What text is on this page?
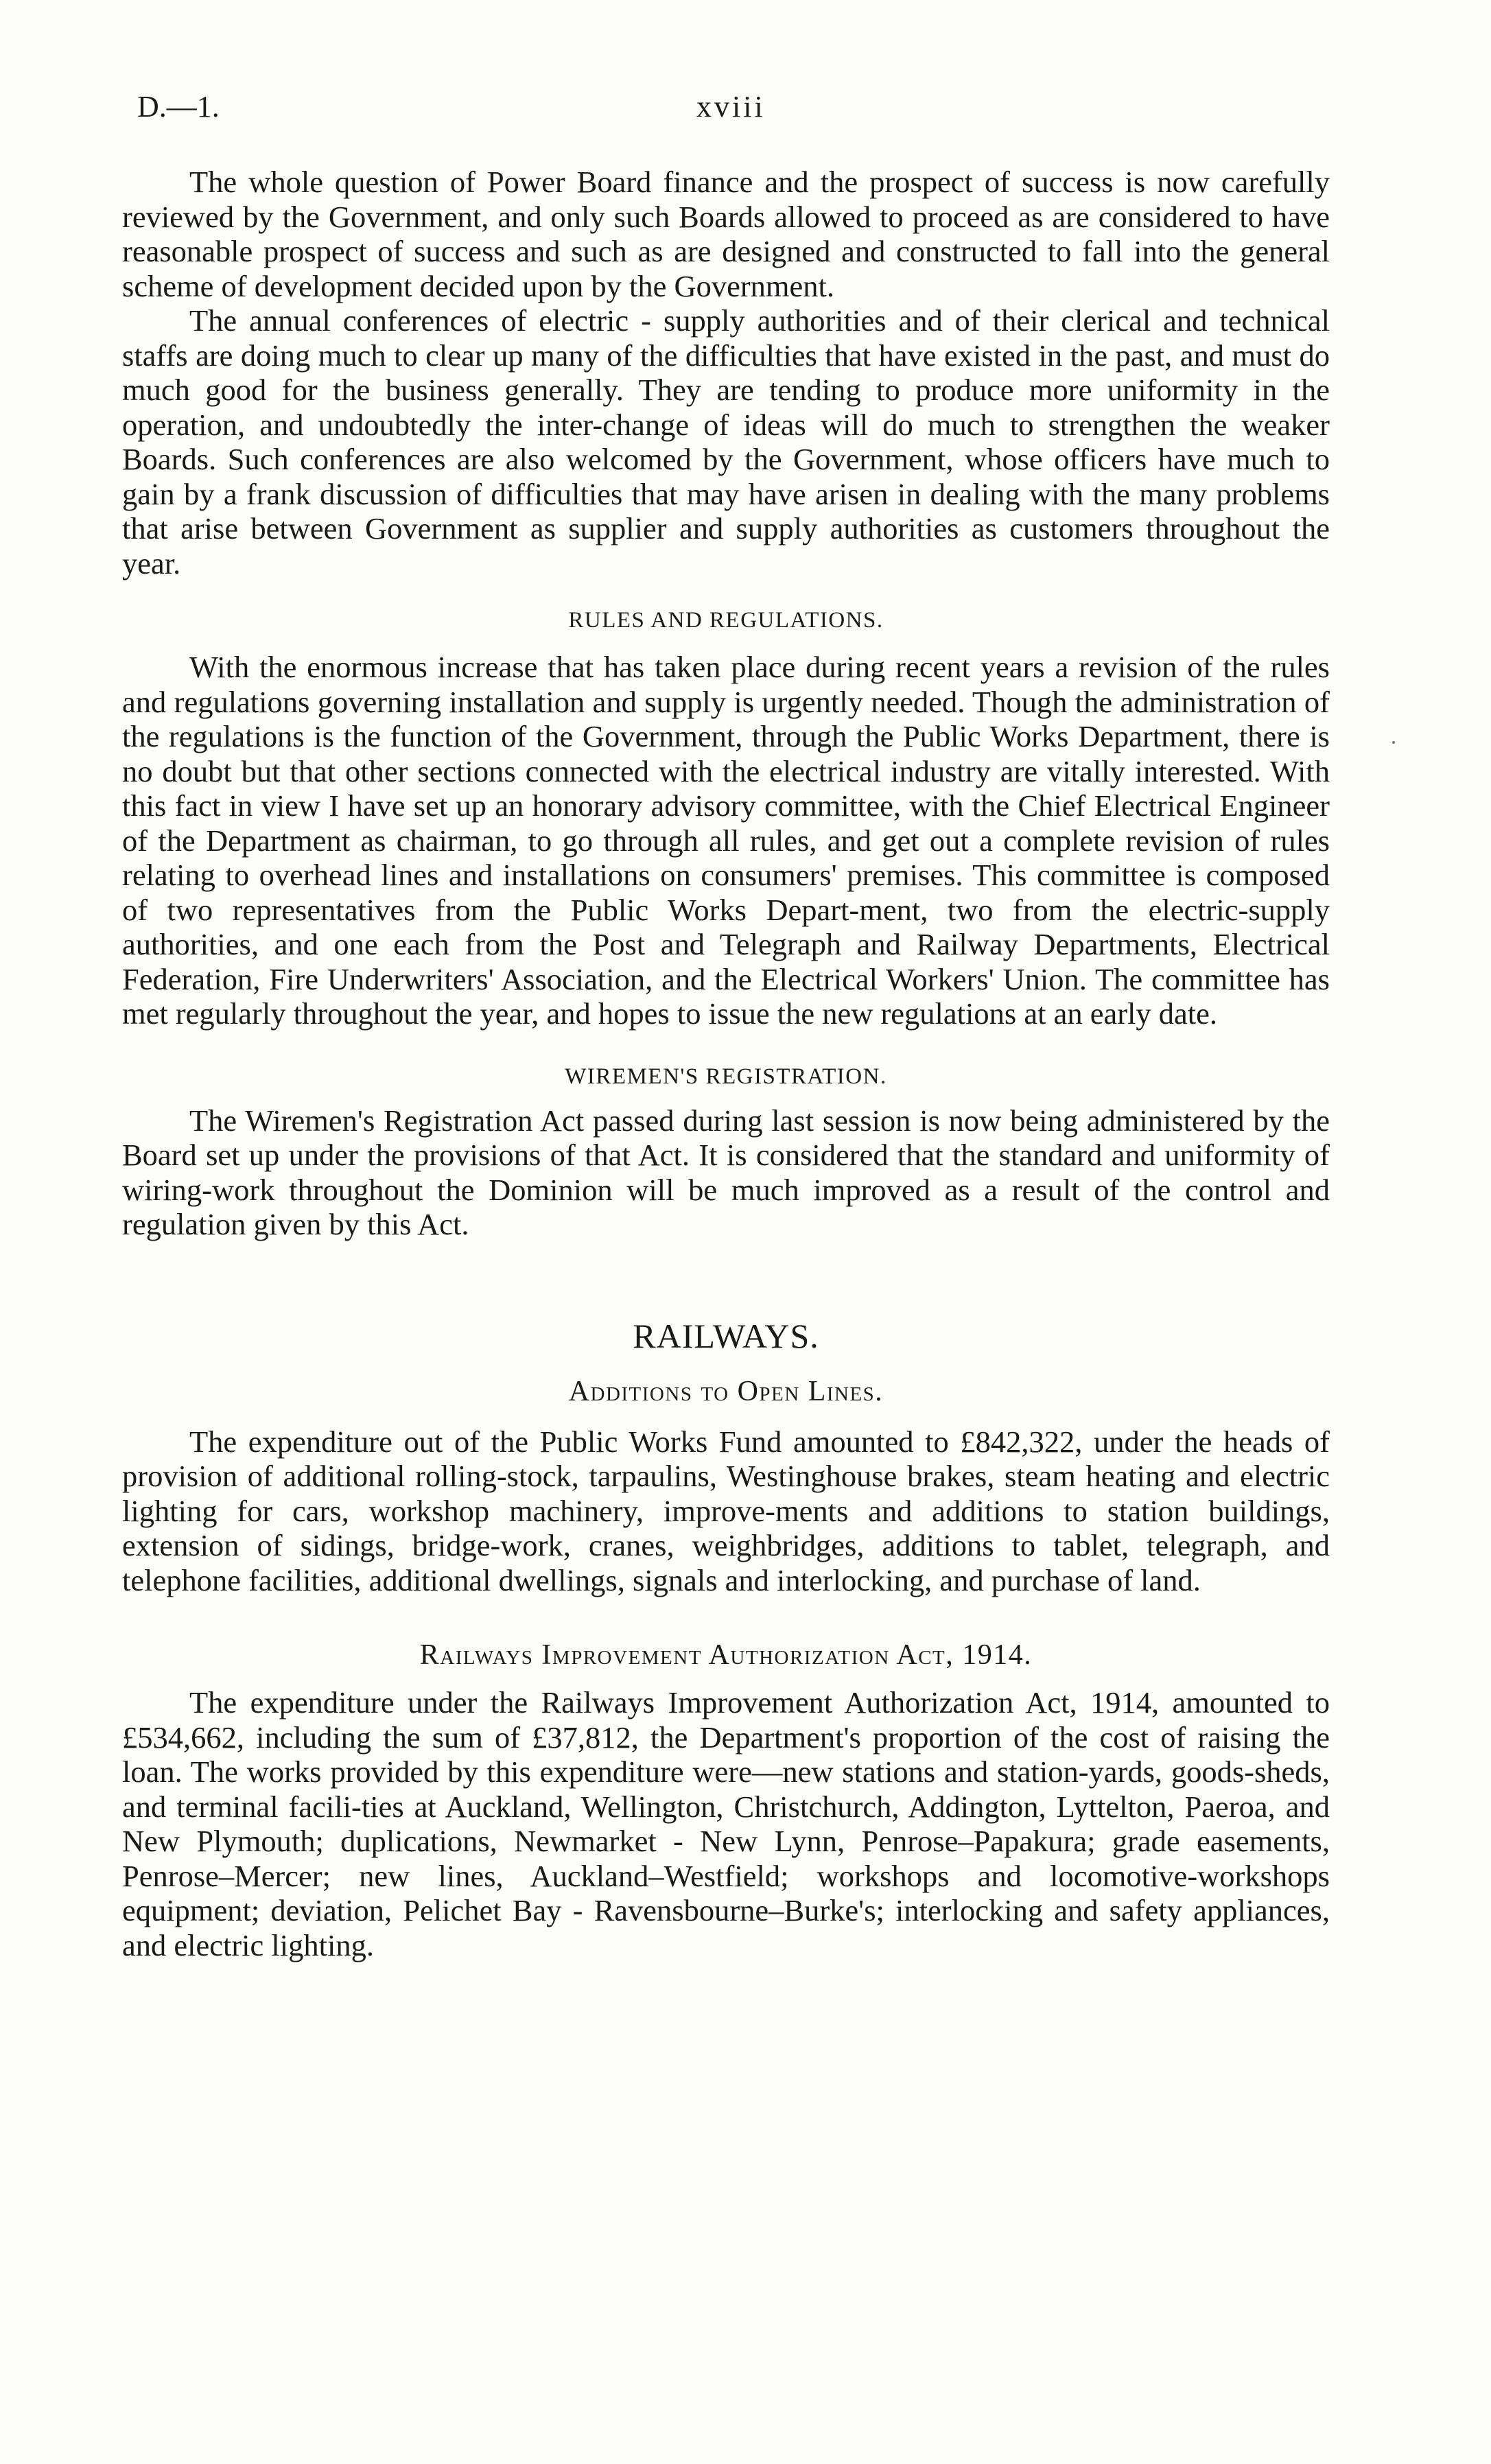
D.—1.	xviii

The whole question of Power Board finance and the prospect of success is now carefully reviewed by the Government, and only such Boards allowed to proceed as are considered to have reasonable prospect of success and such as are designed and constructed to fall into the general scheme of development decided upon by the Government.

The annual conferences of electric - supply authorities and of their clerical and technical staffs are doing much to clear up many of the difficulties that have existed in the past, and must do much good for the business generally. They are tending to produce more uniformity in the operation, and undoubtedly the inter-change of ideas will do much to strengthen the weaker Boards. Such conferences are also welcomed by the Government, whose officers have much to gain by a frank discussion of difficulties that may have arisen in dealing with the many problems that arise between Government as supplier and supply authorities as customers throughout the year.

RULES AND REGULATIONS.

With the enormous increase that has taken place during recent years a revision of the rules and regulations governing installation and supply is urgently needed. Though the administration of the regulations is the function of the Government, through the Public Works Department, there is no doubt but that other sections connected with the electrical industry are vitally interested. With this fact in view I have set up an honorary advisory committee, with the Chief Electrical Engineer of the Department as chairman, to go through all rules, and get out a complete revision of rules relating to overhead lines and installations on consumers' premises. This committee is composed of two representatives from the Public Works Depart-ment, two from the electric-supply authorities, and one each from the Post and Telegraph and Railway Departments, Electrical Federation, Fire Underwriters' Association, and the Electrical Workers' Union. The committee has met regularly throughout the year, and hopes to issue the new regulations at an early date.

WIREMEN'S REGISTRATION.

The Wiremen's Registration Act passed during last session is now being administered by the Board set up under the provisions of that Act. It is considered that the standard and uniformity of wiring-work throughout the Dominion will be much improved as a result of the control and regulation given by this Act.

RAILWAYS.

Additions to Open Lines.

The expenditure out of the Public Works Fund amounted to £842,322, under the heads of provision of additional rolling-stock, tarpaulins, Westinghouse brakes, steam heating and electric lighting for cars, workshop machinery, improve-ments and additions to station buildings, extension of sidings, bridge-work, cranes, weighbridges, additions to tablet, telegraph, and telephone facilities, additional dwellings, signals and interlocking, and purchase of land.

Railways Improvement Authorization Act, 1914.

The expenditure under the Railways Improvement Authorization Act, 1914, amounted to £534,662, including the sum of £37,812, the Department's proportion of the cost of raising the loan. The works provided by this expenditure were—new stations and station-yards, goods-sheds, and terminal facili-ties at Auckland, Wellington, Christchurch, Addington, Lyttelton, Paeroa, and New Plymouth; duplications, Newmarket - New Lynn, Penrose–Papakura; grade easements, Penrose–Mercer; new lines, Auckland–Westfield; workshops and locomotive-workshops equipment; deviation, Pelichet Bay - Ravensbourne–Burke's; interlocking and safety appliances, and electric lighting.
